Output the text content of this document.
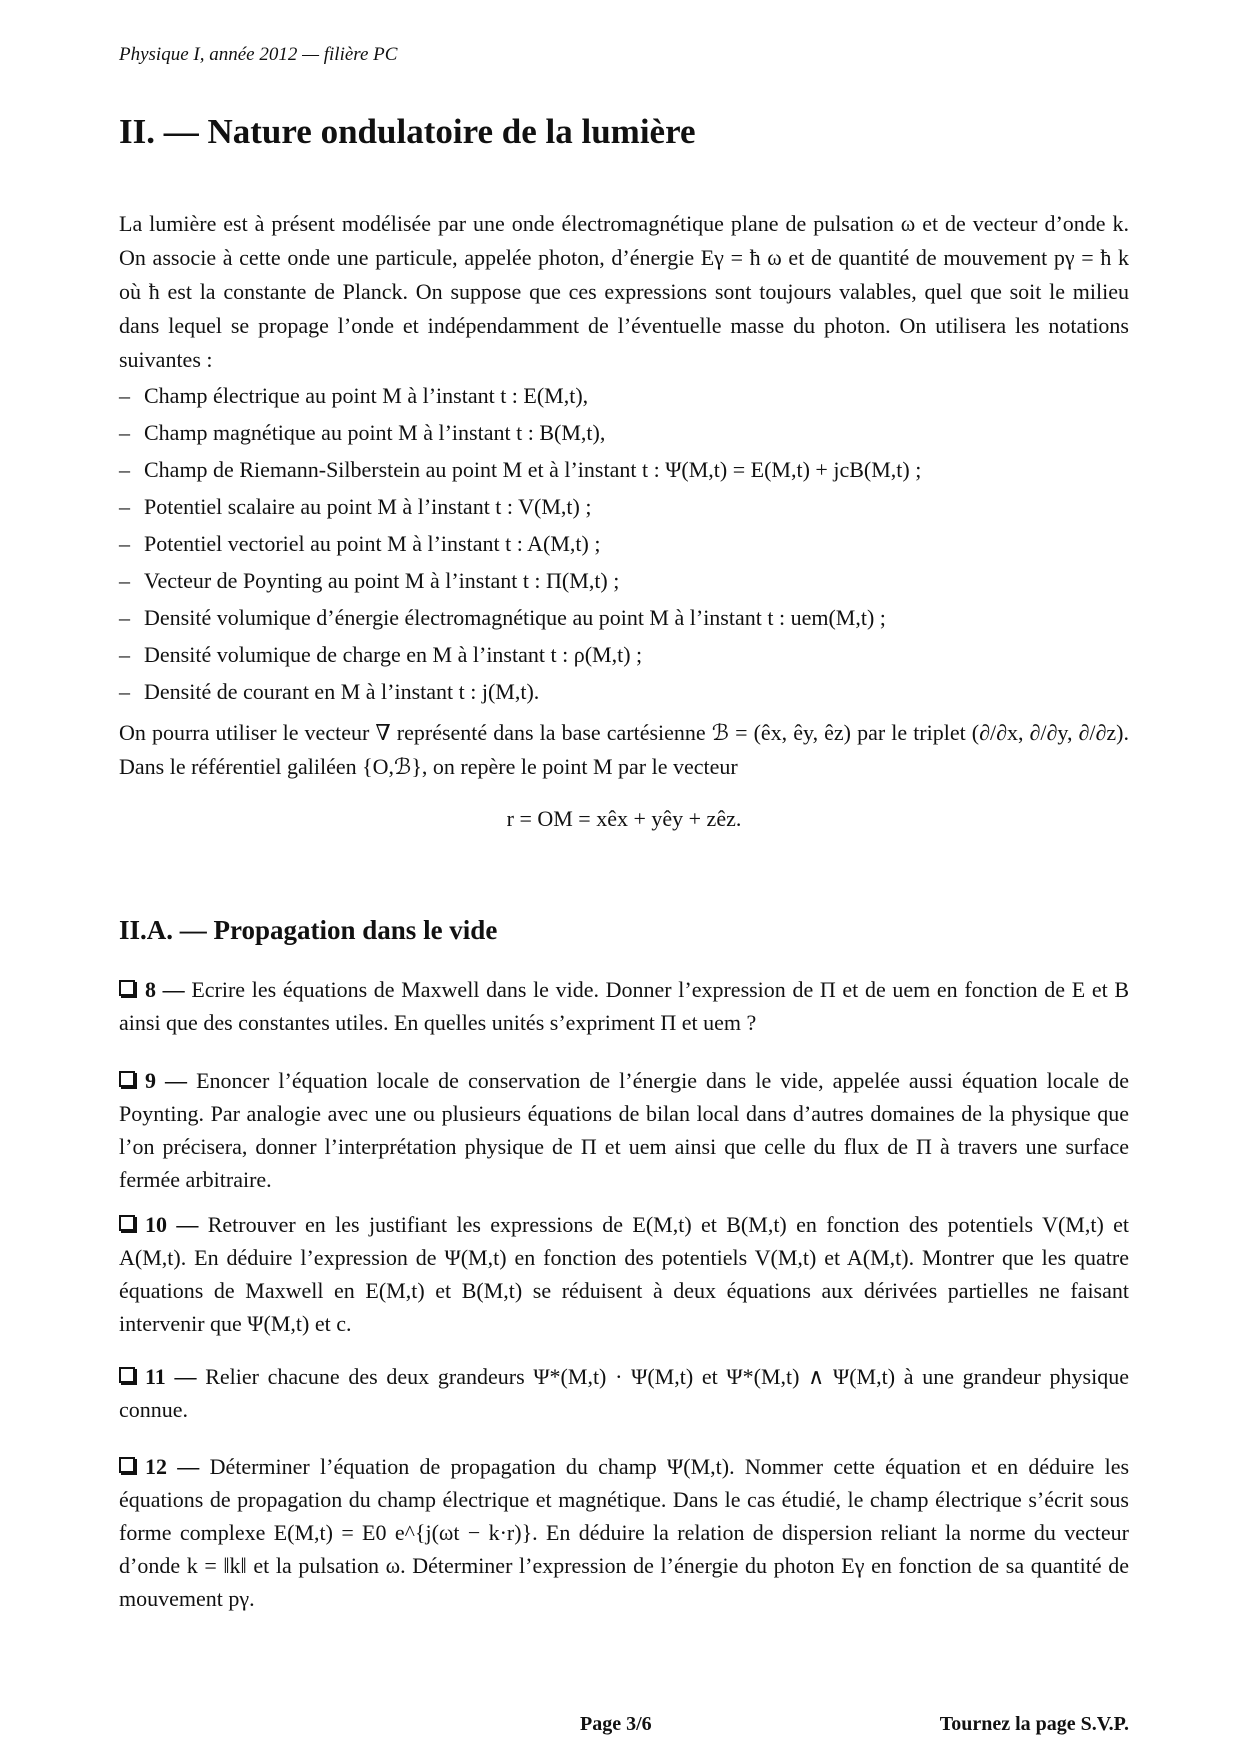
Physique I, année 2012 — filière PC
II. — Nature ondulatoire de la lumière

La lumière est à présent modélisée par une onde électromagnétique plane de pulsation ω et de vecteur d’onde k. On associe à cette onde une particule, appelée photon, d’énergie Eγ = ħ ω et de quantité de mouvement pγ = ħ k où ħ est la constante de Planck. On suppose que ces expressions sont toujours valables, quel que soit le milieu dans lequel se propage l’onde et indépendamment de l’éventuelle masse du photon. On utilisera les notations suivantes :

– Champ électrique au point M à l’instant t : E(M,t),
– Champ magnétique au point M à l’instant t : B(M,t),
– Champ de Riemann-Silberstein au point M et à l’instant t : Ψ(M,t) = E(M,t) + jcB(M,t) ;
– Potentiel scalaire au point M à l’instant t : V(M,t) ;
– Potentiel vectoriel au point M à l’instant t : A(M,t) ;
– Vecteur de Poynting au point M à l’instant t : Π(M,t) ;
– Densité volumique d’énergie électromagnétique au point M à l’instant t : uem(M,t) ;
– Densité volumique de charge en M à l’instant t : ρ(M,t) ;
– Densité de courant en M à l’instant t : j(M,t).

On pourra utiliser le vecteur ∇ représenté dans la base cartésienne ℬ = (êx, êy, êz) par le triplet (∂/∂x, ∂/∂y, ∂/∂z). Dans le référentiel galiléen {O,ℬ}, on repère le point M par le vecteur

r = OM = xêx + yêy + zêz.

II.A. — Propagation dans le vide
8 — Ecrire les équations de Maxwell dans le vide. Donner l’expression de Π et de uem en fonction de E et B ainsi que des constantes utiles. En quelles unités s’expriment Π et uem ?
9 — Enoncer l’équation locale de conservation de l’énergie dans le vide, appelée aussi équation locale de Poynting. Par analogie avec une ou plusieurs équations de bilan local dans d’autres domaines de la physique que l’on précisera, donner l’interprétation physique de Π et uem ainsi que celle du flux de Π à travers une surface fermée arbitraire.
10 — Retrouver en les justifiant les expressions de E(M,t) et B(M,t) en fonction des potentiels V(M,t) et A(M,t). En déduire l’expression de Ψ(M,t) en fonction des potentiels V(M,t) et A(M,t). Montrer que les quatre équations de Maxwell en E(M,t) et B(M,t) se réduisent à deux équations aux dérivées partielles ne faisant intervenir que Ψ(M,t) et c.
11 — Relier chacune des deux grandeurs Ψ*(M,t) · Ψ(M,t) et Ψ*(M,t) ∧ Ψ(M,t) à une grandeur physique connue.
12 — Déterminer l’équation de propagation du champ Ψ(M,t). Nommer cette équation et en déduire les équations de propagation du champ électrique et magnétique. Dans le cas étudié, le champ électrique s’écrit sous forme complexe E(M,t) = E0 e^{j(ωt − k·r)}. En déduire la relation de dispersion reliant la norme du vecteur d’onde k = ‖k‖ et la pulsation ω. Déterminer l’expression de l’énergie du photon Eγ en fonction de sa quantité de mouvement pγ.
Page 3/6	Tournez la page S.V.P.
